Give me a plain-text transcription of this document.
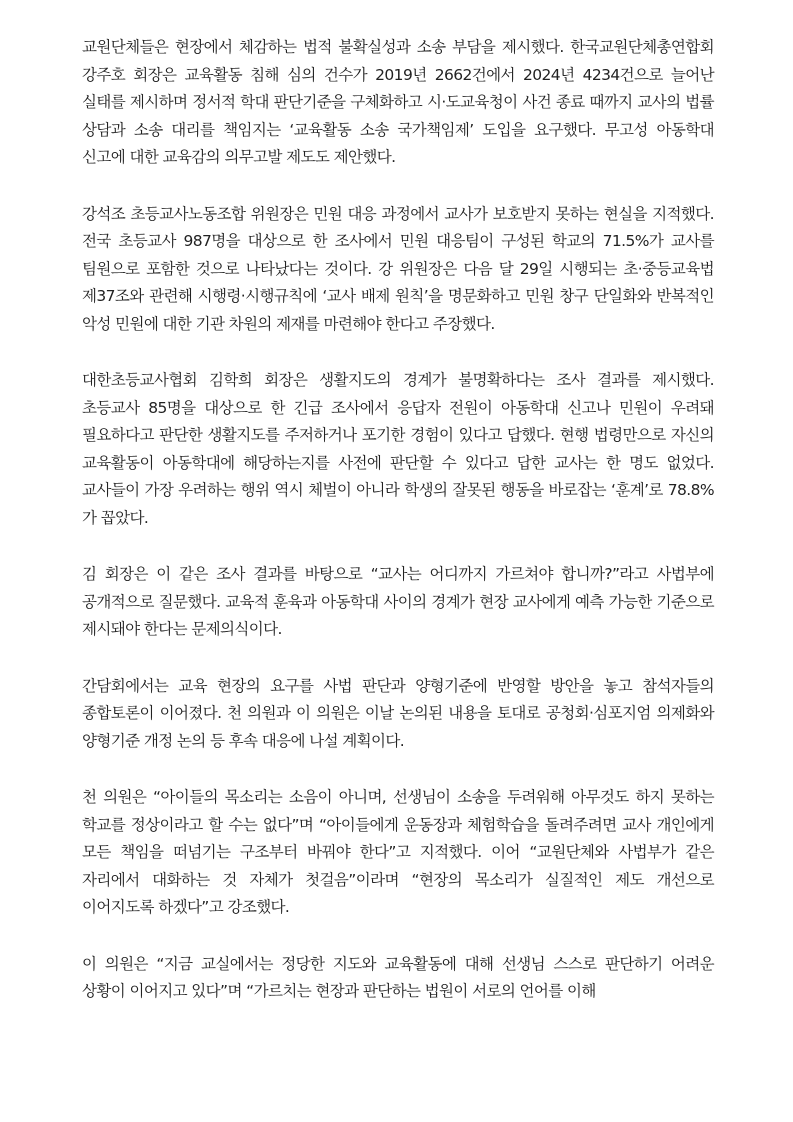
교원단체들은 현장에서 체감하는 법적 불확실성과 소송 부담을 제시했다. 한국교원단체총연합회 강주호 회장은 교육활동 침해 심의 건수가 2019년 2662건에서 2024년 4234건으로 늘어난 실태를 제시하며 정서적 학대 판단기준을 구체화하고 시·도교육청이 사건 종료 때까지 교사의 법률 상담과 소송 대리를 책임지는 ‘교육활동 소송 국가책임제’ 도입을 요구했다. 무고성 아동학대 신고에 대한 교육감의 의무고발 제도도 제안했다.

강석조 초등교사노동조합 위원장은 민원 대응 과정에서 교사가 보호받지 못하는 현실을 지적했다. 전국 초등교사 987명을 대상으로 한 조사에서 민원 대응팀이 구성된 학교의 71.5%가 교사를 팀원으로 포함한 것으로 나타났다는 것이다. 강 위원장은 다음 달 29일 시행되는 초·중등교육법 제37조와 관련해 시행령·시행규칙에 ‘교사 배제 원칙’을 명문화하고 민원 창구 단일화와 반복적인 악성 민원에 대한 기관 차원의 제재를 마련해야 한다고 주장했다.

대한초등교사협회 김학희 회장은 생활지도의 경계가 불명확하다는 조사 결과를 제시했다. 초등교사 85명을 대상으로 한 긴급 조사에서 응답자 전원이 아동학대 신고나 민원이 우려돼 필요하다고 판단한 생활지도를 주저하거나 포기한 경험이 있다고 답했다. 현행 법령만으로 자신의 교육활동이 아동학대에 해당하는지를 사전에 판단할 수 있다고 답한 교사는 한 명도 없었다. 교사들이 가장 우려하는 행위 역시 체벌이 아니라 학생의 잘못된 행동을 바로잡는 ‘훈계’로 78.8%가 꼽았다.

김 회장은 이 같은 조사 결과를 바탕으로 “교사는 어디까지 가르쳐야 합니까?”라고 사법부에 공개적으로 질문했다. 교육적 훈육과 아동학대 사이의 경계가 현장 교사에게 예측 가능한 기준으로 제시돼야 한다는 문제의식이다.

간담회에서는 교육 현장의 요구를 사법 판단과 양형기준에 반영할 방안을 놓고 참석자들의 종합토론이 이어졌다. 천 의원과 이 의원은 이날 논의된 내용을 토대로 공청회·심포지엄 의제화와 양형기준 개정 논의 등 후속 대응에 나설 계획이다.

천 의원은 “아이들의 목소리는 소음이 아니며, 선생님이 소송을 두려워해 아무것도 하지 못하는 학교를 정상이라고 할 수는 없다”며 “아이들에게 운동장과 체험학습을 돌려주려면 교사 개인에게 모든 책임을 떠넘기는 구조부터 바꿔야 한다”고 지적했다. 이어 “교원단체와 사법부가 같은 자리에서 대화하는 것 자체가 첫걸음”이라며 “현장의 목소리가 실질적인 제도 개선으로 이어지도록 하겠다”고 강조했다.

이 의원은 “지금 교실에서는 정당한 지도와 교육활동에 대해 선생님 스스로 판단하기 어려운 상황이 이어지고 있다”며 “가르치는 현장과 판단하는 법원이 서로의 언어를 이해
